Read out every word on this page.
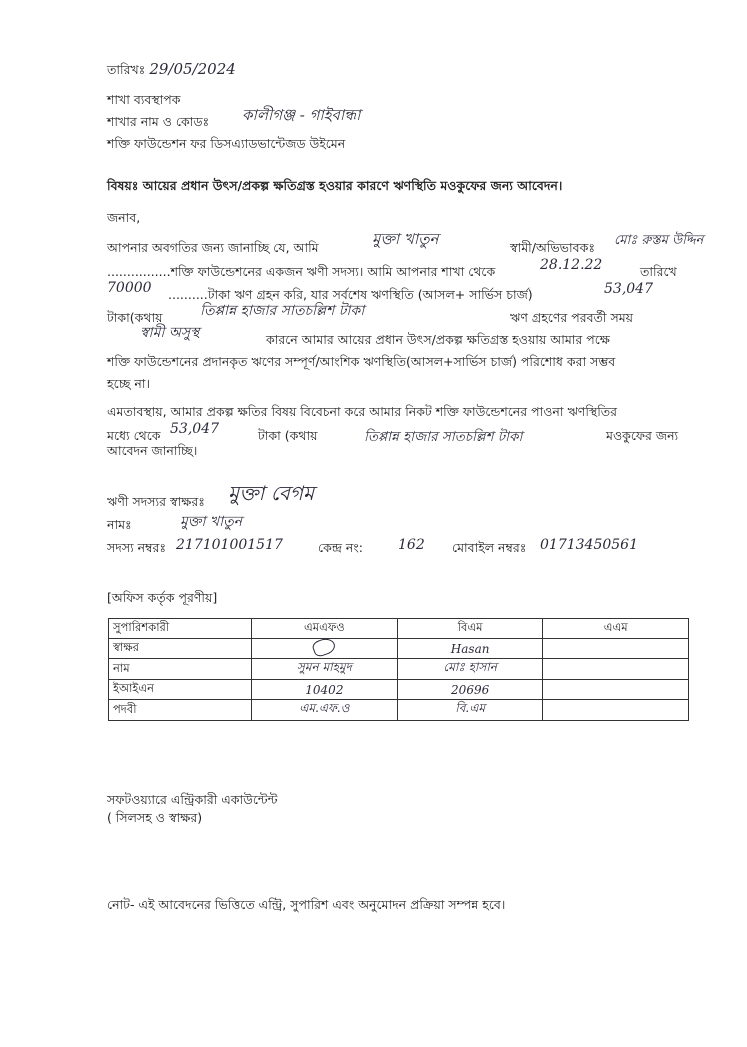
তারিখঃ 29/05/2024
শাখা ব্যবস্থাপক
শাখার নাম ও কোডঃ কালীগঞ্জ - গাইবান্ধা
শক্তি ফাউন্ডেশন ফর ডিসএ্যাডভান্টেজড উইমেন
বিষয়ঃ আয়ের প্রধান উৎস/প্রকল্প ক্ষতিগ্রস্ত হওয়ার কারণে ঋণস্থিতি মওকুফের জন্য আবেদন।
জনাব,
আপনার অবগতির জন্য জানাচ্ছি যে, আমি	মুক্তা খাতুন	স্বামী/অভিভাবকঃ মোঃ রুস্তম উদ্দিন
................শক্তি ফাউন্ডেশনের একজন ঋণী সদস্য। আমি আপনার শাখা থেকে	28.12.22	তারিখে
70000 ..........টাকা ঋণ গ্রহন করি, যার সর্বশেষ ঋণস্থিতি (আসল+ সার্ভিস চার্জ)	53,047
টাকা(কথায়	তিপ্পান্ন হাজার সাতচল্লিশ টাকা	ঋণ গ্রহণের পরবর্তী সময়
স্বামী অসুস্থ	কারনে আমার আয়ের প্রধান উৎস/প্রকল্প ক্ষতিগ্রস্ত হওয়ায় আমার পক্ষে
শক্তি ফাউন্ডেশনের প্রদানকৃত ঋণের সম্পূর্ণ/আংশিক ঋণস্থিতি(আসল+সার্ভিস চার্জ) পরিশোধ করা সম্ভব
হচ্ছে না।
এমতাবস্থায়, আমার প্রকল্প ক্ষতির বিষয় বিবেচনা করে আমার নিকট শক্তি ফাউন্ডেশনের পাওনা ঋণস্থিতির
মধ্যে থেকে 53,047	টাকা (কথায়	তিপ্পান্ন হাজার সাতচল্লিশ টাকা	মওকুফের জন্য
আবেদন জানাচ্ছি।
ঋণী সদস্যর স্বাক্ষরঃ মুক্তা বেগম
নামঃ	মুক্তা খাতুন
সদস্য নম্বরঃ 217101001517	কেন্দ্র নং:	162 মোবাইল নম্বরঃ 01713450561
[অফিস কর্তৃক পূরণীয়]
সুপারিশকারী	এমএফও	বিএম	এএম
স্বাক্ষর		Hasan	
নাম	সুমন মাহমুদ	মোঃ হাসান	
ইআইএন	10402	20696	
পদবী	এম.এফ.ও	বি.এম	
সফটওয়্যারে এন্ট্রিকারী একাউন্টেন্ট
( সিলসহ ও স্বাক্ষর)
নোট- এই আবেদনের ভিত্তিতে এন্ট্রি, সুপারিশ এবং অনুমোদন প্রক্রিয়া সম্পন্ন হবে।
